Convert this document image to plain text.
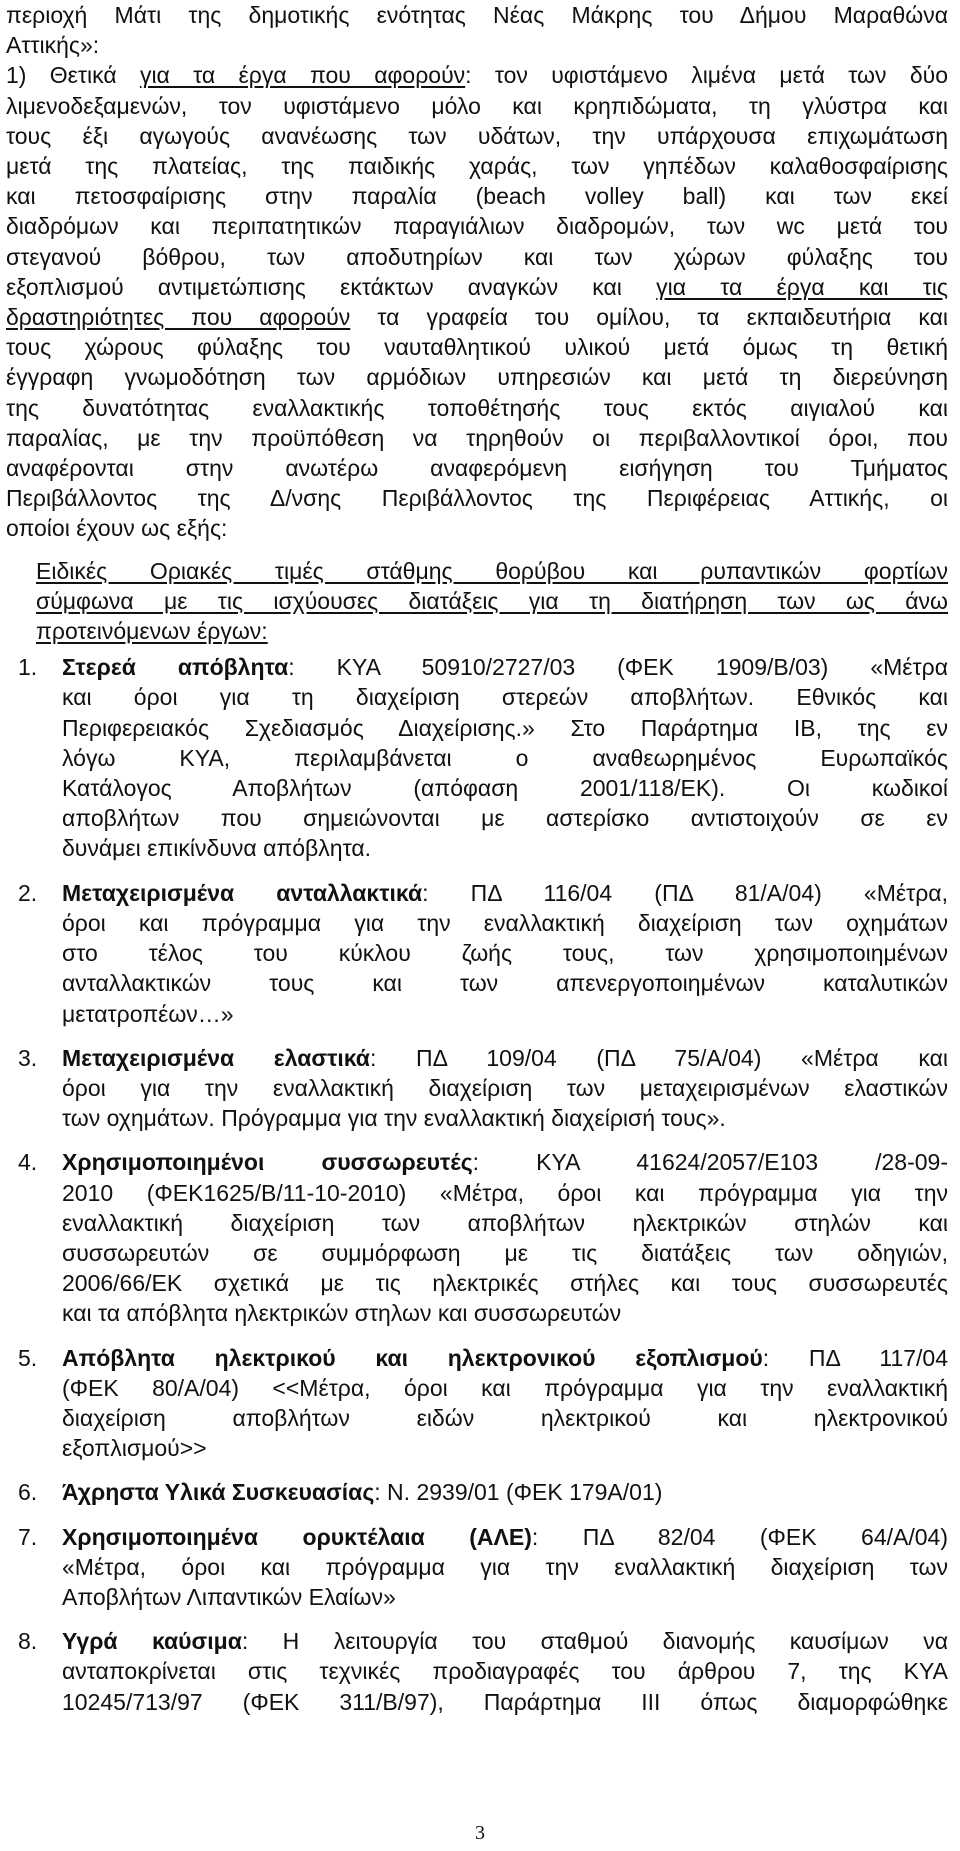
περιοχή Μάτι της δημοτικής ενότητας Νέας Μάκρης του Δήμου Μαραθώνα
Αττικής»:
1) Θετικά για τα έργα που αφορούν: τον υφιστάμενο λιμένα μετά των δύο
λιμενοδεξαμενών, τον υφιστάμενο μόλο και κρηπιδώματα, τη γλύστρα και
τους έξι αγωγούς ανανέωσης των υδάτων, την υπάρχουσα επιχωμάτωση
μετά της πλατείας, της παιδικής χαράς, των γηπέδων καλαθοσφαίρισης
και πετοσφαίρισης στην παραλία (beach volley ball) και των εκεί
διαδρόμων και περιπατητικών παραγιάλιων διαδρομών, των wc μετά του
στεγανού βόθρου, των αποδυτηρίων και των χώρων φύλαξης του
εξοπλισμού αντιμετώπισης εκτάκτων αναγκών και για τα έργα και τις
δραστηριότητες που αφορούν τα γραφεία του ομίλου, τα εκπαιδευτήρια και
τους χώρους φύλαξης του ναυταθλητικού υλικού μετά όμως τη θετική
έγγραφη γνωμοδότηση των αρμόδιων υπηρεσιών και μετά τη διερεύνηση
της δυνατότητας εναλλακτικής τοποθέτησής τους εκτός αιγιαλού και
παραλίας, με την προϋπόθεση να τηρηθούν οι περιβαλλοντικοί όροι, που
αναφέρονται στην ανωτέρω αναφερόμενη εισήγηση του Τμήματος
Περιβάλλοντος της Δ/νσης Περιβάλλοντος της Περιφέρειας Αττικής, οι
οποίοι έχουν ως εξής:
Ειδικές Οριακές τιμές στάθμης θορύβου και ρυπαντικών φορτίων
σύμφωνα με τις ισχύουσες διατάξεις για τη διατήρηση των ως άνω
προτεινόμενων έργων:
1. Στερεά απόβλητα: ΚΥΑ 50910/2727/03 (ΦΕΚ 1909/Β/03) «Μέτρα
και όροι για τη διαχείριση στερεών αποβλήτων. Εθνικός και
Περιφερειακός Σχεδιασμός Διαχείρισης.» Στο Παράρτημα ΙΒ, της εν
λόγω ΚΥΑ, περιλαμβάνεται ο αναθεωρημένος Ευρωπαϊκός
Κατάλογος Αποβλήτων (απόφαση 2001/118/ΕΚ). Οι κωδικοί
αποβλήτων που σημειώνονται με αστερίσκο αντιστοιχούν σε εν
δυνάμει επικίνδυνα απόβλητα.
2. Μεταχειρισμένα ανταλλακτικά: ΠΔ 116/04 (ΠΔ 81/Α/04) «Μέτρα,
όροι και πρόγραμμα για την εναλλακτική διαχείριση των οχημάτων
στο τέλος του κύκλου ζωής τους, των χρησιμοποιημένων
ανταλλακτικών τους και των απενεργοποιημένων καταλυτικών
μετατροπέων…»
3. Μεταχειρισμένα ελαστικά: ΠΔ 109/04 (ΠΔ 75/Α/04) «Μέτρα και
όροι για την εναλλακτική διαχείριση των μεταχειρισμένων ελαστικών
των οχημάτων. Πρόγραμμα για την εναλλακτική διαχείρισή τους».
4. Χρησιμοποιημένοι συσσωρευτές: ΚΥΑ 41624/2057/Ε103 /28-09-
2010 (ΦΕΚ1625/Β/11-10-2010) «Μέτρα, όροι και πρόγραμμα για την
εναλλακτική διαχείριση των αποβλήτων ηλεκτρικών στηλών και
συσσωρευτών σε συμμόρφωση με τις διατάξεις των οδηγιών,
2006/66/ΕΚ σχετικά με τις ηλεκτρικές στήλες και τους συσσωρευτές
και τα απόβλητα ηλεκτρικών στηλων και συσσωρευτών
5. Απόβλητα ηλεκτρικού και ηλεκτρονικού εξοπλισμού: ΠΔ 117/04
(ΦΕΚ 80/Α/04) <<Μέτρα, όροι και πρόγραμμα για την εναλλακτική
διαχείριση αποβλήτων ειδών ηλεκτρικού και ηλεκτρονικού
εξοπλισμού>>
6. Άχρηστα Υλικά Συσκευασίας: Ν. 2939/01 (ΦΕΚ 179Α/01)
7. Χρησιμοποιημένα ορυκτέλαια (ΑΛΕ): ΠΔ 82/04 (ΦΕΚ 64/Α/04)
«Μέτρα, όροι και πρόγραμμα για την εναλλακτική διαχείριση των
Αποβλήτων Λιπαντικών Ελαίων»
8. Υγρά καύσιμα: Η λειτουργία του σταθμού διανομής καυσίμων να
ανταποκρίνεται στις τεχνικές προδιαγραφές του άρθρου 7, της ΚΥΑ
10245/713/97 (ΦΕΚ 311/Β/97), Παράρτημα ΙΙΙ όπως διαμορφώθηκε
3
